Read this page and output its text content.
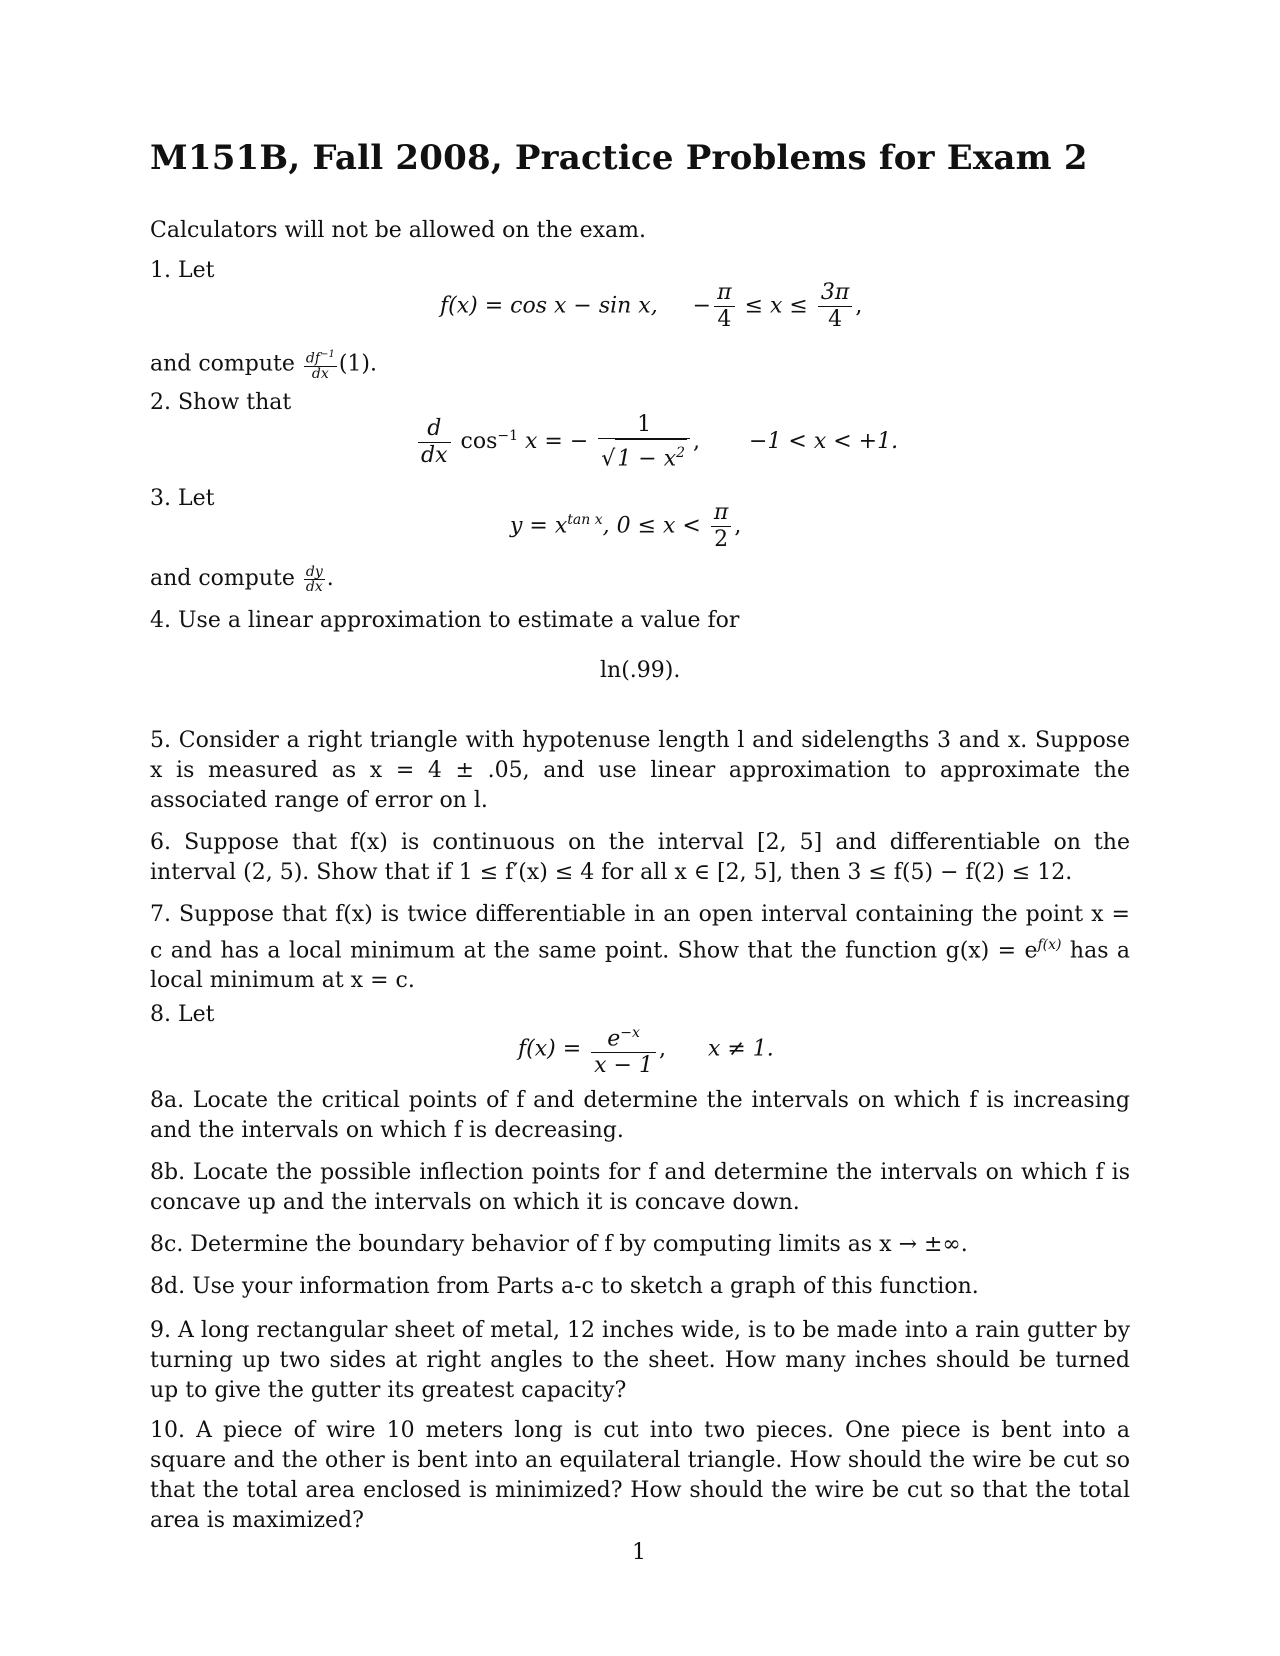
M151B, Fall 2008, Practice Problems for Exam 2
Calculators will not be allowed on the exam.
1. Let
f(x) = cos x − sin x, − $\frac{\pi}{4} \le x \le \frac{3\pi}{4}$ ,
and compute $\frac{df^{-1}}{dx} (1)$.
2. Show that
$\frac{d}{dx} \cos^{-1} x$ = − $\frac{1}{√1 - x^2}$ , −1 < x < +1.
3. Let
$y = x^{tan x}$, $0 \le x < \frac{\pi}{2}$ ,
and compute $\frac{dy}{dx}$ .
4. Use a linear approximation to estimate a value for
ln(.99).
5. Consider a right triangle with hypotenuse length l and sidelengths 3 and x. Suppose x is measured as x = 4 ± .05, and use linear approximation to approximate the associated range of error on l.
6. Suppose that f(x) is continuous on the interval [2, 5] and differentiable on the interval (2, 5). Show that if 1 ≤ f′(x) ≤ 4 for all x ∈ [2, 5], then 3 ≤ f(5) − f(2) ≤ 12.
7. Suppose that f(x) is twice differentiable in an open interval containing the point x = c and has a local minimum at the same point. Show that the function $g(x) = e^{f(x)}$ has a local minimum at x = c.
8. Let
$f(x) = \frac{e^{-x}}{x - 1}$ , x ≠ 1.
8a. Locate the critical points of f and determine the intervals on which f is increasing and the intervals on which f is decreasing.
8b. Locate the possible inflection points for f and determine the intervals on which f is concave up and the intervals on which it is concave down.
8c. Determine the boundary behavior of f by computing limits as x → ±∞.
8d. Use your information from Parts a-c to sketch a graph of this function.
9. A long rectangular sheet of metal, 12 inches wide, is to be made into a rain gutter by turning up two sides at right angles to the sheet. How many inches should be turned up to give the gutter its greatest capacity?
10. A piece of wire 10 meters long is cut into two pieces. One piece is bent into a square and the other is bent into an equilateral triangle. How should the wire be cut so that the total area enclosed is minimized? How should the wire be cut so that the total area is maximized?
1
